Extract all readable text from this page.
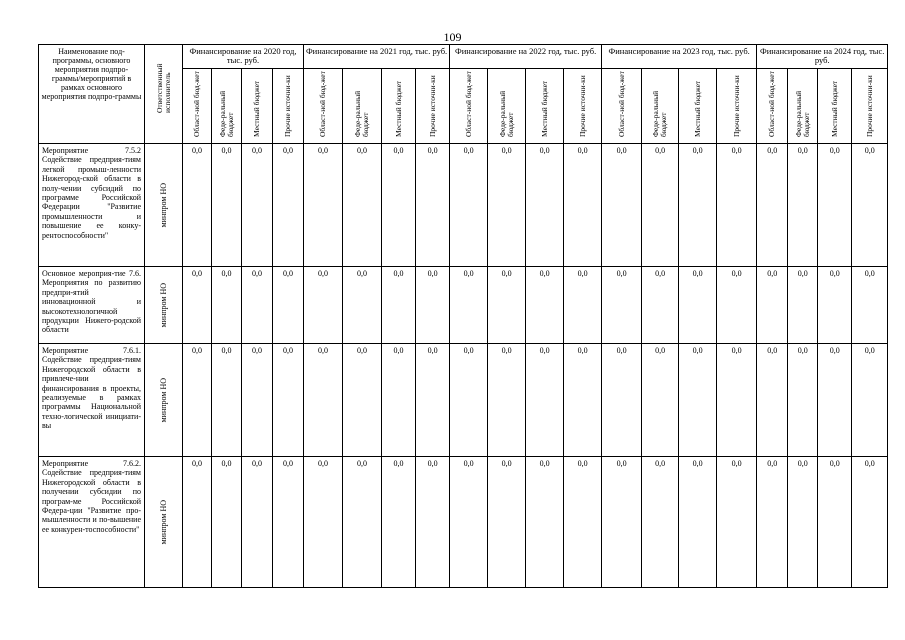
109
Наименование под-программы, основного мероприятия подпро-граммы/мероприятий в рамках основного мероприятия подпро-граммы	Ответственный исполнитель	Финансирование на 2020 год, тыс. руб.				Финансирование на 2021 год, тыс. руб.				Финансирование на 2022 год, тыс. руб.				Финансирование на 2023 год, тыс. руб.				Финансирование на 2024 год, тыс. руб.			

		Област-ной бюд-жет	Феде-ральный бюджет	Местный бюджет	Прочие источни-ки	Област-ной бюд-жет	Феде-ральный бюджет	Местный бюджет	Прочие источни-ки	Област-ной бюд-жет	Феде-ральный бюджет	Местный бюджет	Прочие источни-ки	Област-ной бюд-жет	Феде-ральный бюджет	Местный бюджет	Прочие источни-ки	Област-ной бюд-жет	Феде-ральный бюджет	Местный бюджет	Прочие источни-ки

Мероприятие 7.5.2 Содействие предприя-тиям легкой промыш-ленности Нижегород-ской области в полу-чении субсидий по программе Российской Федерации "Развитие промышленности и повышение ее конку-рентоспособности"	минпром НО	0,0	0,0	0,0	0,0	0,0	0,0	0,0	0,0	0,0	0,0	0,0	0,0	0,0	0,0	0,0	0,0	0,0	0,0	0,0	0,0
Основное мероприя-тие 7.6. Мероприятия по развитию предпри-ятий инновационной и высокотехнологичной продукции Нижего-родской области	минпром НО	0,0	0,0	0,0	0,0	0,0	0,0	0,0	0,0	0,0	0,0	0,0	0,0	0,0	0,0	0,0	0,0	0,0	0,0	0,0	0,0
Мероприятие 7.6.1. Содействие предприя-тиям Нижегородской области в привлече-нии финансирования в проекты, реализуемые в рамках программы Национальной техно-логической инициати-вы	минпром НО	0,0	0,0	0,0	0,0	0,0	0,0	0,0	0,0	0,0	0,0	0,0	0,0	0,0	0,0	0,0	0,0	0,0	0,0	0,0	0,0
Мероприятие 7.6.2. Содействие предприя-тиям Нижегородской области в получении субсидии по програм-ме Российской Федера-ции "Развитие про-мышленности и по-вышение ее конкурен-тоспособности"	минпром НО	0,0	0,0	0,0	0,0	0,0	0,0	0,0	0,0	0,0	0,0	0,0	0,0	0,0	0,0	0,0	0,0	0,0	0,0	0,0	0,0
